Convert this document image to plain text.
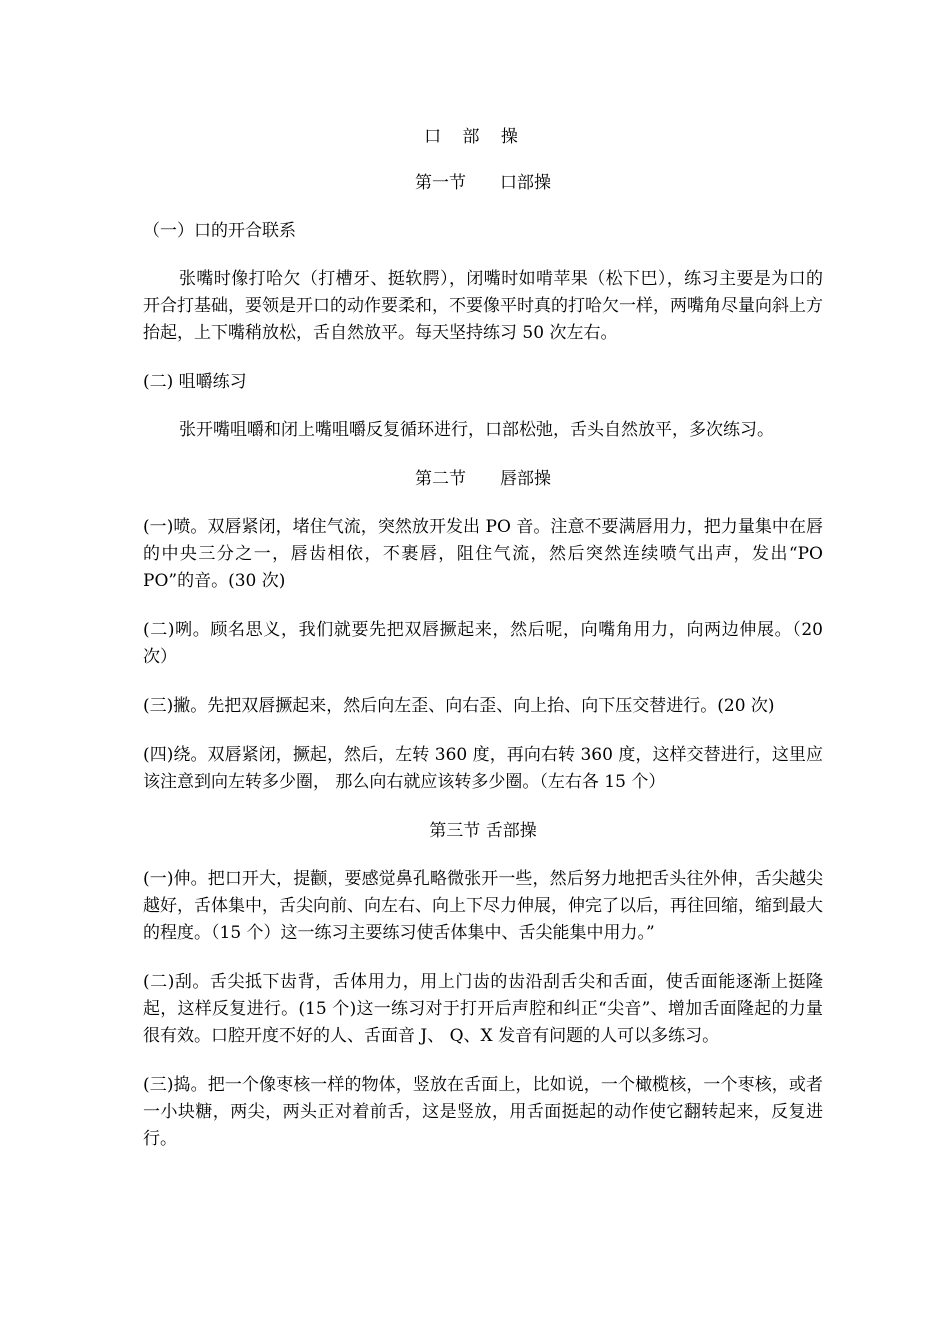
口 部 操
第一节　　口部操
（一）口的开合联系

张嘴时像打哈欠（打槽牙、挺软腭），闭嘴时如啃苹果（松下巴），练习主要是为口的开合打基础，要领是开口的动作要柔和，不要像平时真的打哈欠一样，两嘴角尽量向斜上方抬起，上下嘴稍放松，舌自然放平。每天坚持练习 50 次左右。

(二) 咀嚼练习

张开嘴咀嚼和闭上嘴咀嚼反复循环进行，口部松弛，舌头自然放平，多次练习。

第二节　　唇部操

(一)喷。双唇紧闭，堵住气流，突然放开发出 PO 音。注意不要满唇用力，把力量集中在唇的中央三分之一，唇齿相依，不裹唇，阻住气流，然后突然连续喷气出声，发出“PO PO”的音。(30 次)

(二)咧。顾名思义，我们就要先把双唇撅起来，然后呢，向嘴角用力，向两边伸展。（20 次）

(三)撇。先把双唇撅起来，然后向左歪、向右歪、向上抬、向下压交替进行。(20 次)

(四)绕。双唇紧闭，撅起，然后，左转 360 度，再向右转 360 度，这样交替进行，这里应该注意到向左转多少圈， 那么向右就应该转多少圈。（左右各 15 个）

第三节 舌部操

(一)伸。把口开大，提颧，要感觉鼻孔略微张开一些，然后努力地把舌头往外伸，舌尖越尖越好，舌体集中，舌尖向前、向左右、向上下尽力伸展，伸完了以后，再往回缩，缩到最大的程度。（15 个）这一练习主要练习使舌体集中、舌尖能集中用力。”

(二)刮。舌尖抵下齿背，舌体用力，用上门齿的齿沿刮舌尖和舌面，使舌面能逐渐上挺隆起，这样反复进行。(15 个)这一练习对于打开后声腔和纠正“尖音”、增加舌面隆起的力量很有效。口腔开度不好的人、舌面音 J、 Q、X 发音有问题的人可以多练习。

(三)捣。把一个像枣核一样的物体，竖放在舌面上，比如说，一个橄榄核，一个枣核，或者一小块糖，两尖，两头正对着前舌，这是竖放，用舌面挺起的动作使它翻转起来，反复进行。
